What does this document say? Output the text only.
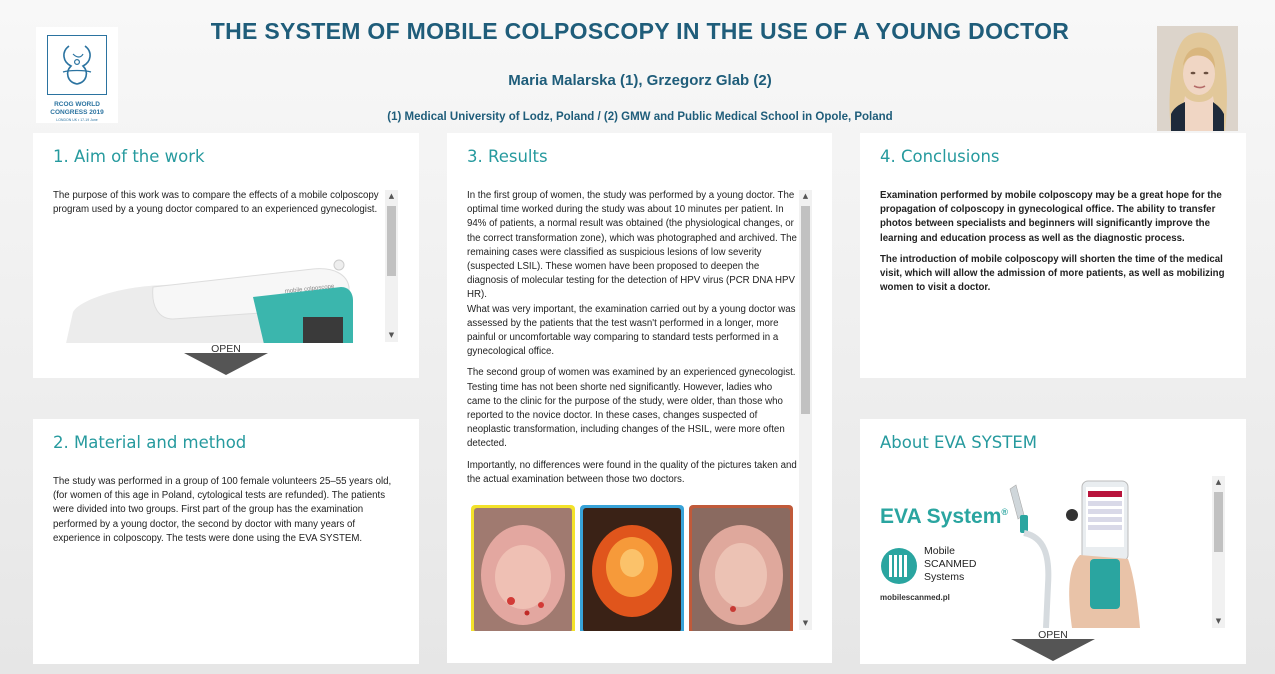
RCOG WORLD
CONGRESS 2019
LONDON UK • 17-19 June
THE SYSTEM OF MOBILE COLPOSCOPY IN THE USE OF A YOUNG DOCTOR
Maria Malarska (1), Grzegorz Glab (2)
(1) Medical University of Lodz, Poland / (2) GMW and Public Medical School in Opole, Poland
1. Aim of the work
The purpose of this work was to compare the effects of a mobile colposcopy program used by a young doctor compared to an experienced gynecologist.
mobile colposcope
▲
▼
OPEN
2. Material and method
The study was performed in a group of 100 female volunteers 25–55 years old, (for women of this age in Poland, cytological tests are refunded). The patients were divided into two groups. First part of the group has the examination performed by a young doctor, the second by doctor with many years of experience in colposcopy. The tests were done using the EVA SYSTEM.
3. Results

In the first group of women, the study was performed by a young doctor. The optimal time worked during the study was about 10 minutes per patient. In 94% of patients, a normal result was obtained (the physiological changes, or the correct transformation zone), which was photographed and archived. The remaining cases were classified as suspicious lesions of low severity (suspected LSIL). These women have been proposed to deepen the diagnosis of molecular testing for the detection of HPV virus (PCR DNA HPV HR).

What was very important, the examination carried out by a young doctor was assessed by the patients that the test wasn't performed in a longer, more painful or uncomfortable way comparing to standard tests performed in a gynecological office.

The second group of women was examined by an experienced gynecologist. Testing time has not been shorte ned significantly. However, ladies who came to the clinic for the purpose of the study, were older, than those who reported to the novice doctor. In these cases, changes suspected of neoplastic transformation, including changes of the HSIL, were more often detected.

Importantly, no differences were found in the quality of the pictures taken and the actual examination between those two doctors.

▲
▼
4. Conclusions

Examination performed by mobile colposcopy may be a great hope for the propagation of colposcopy in gynecological office. The ability to transfer photos between specialists and beginners will significantly improve the learning and education process as well as the diagnostic process.

The introduction of mobile colposcopy will shorten the time of the medical visit, which will allow the admission of more patients, as well as mobilizing women to visit a doctor.

About EVA SYSTEM
EVA System®
Mobile
SCANMED
Systems
mobilescanmed.pl
▲
▼
OPEN
